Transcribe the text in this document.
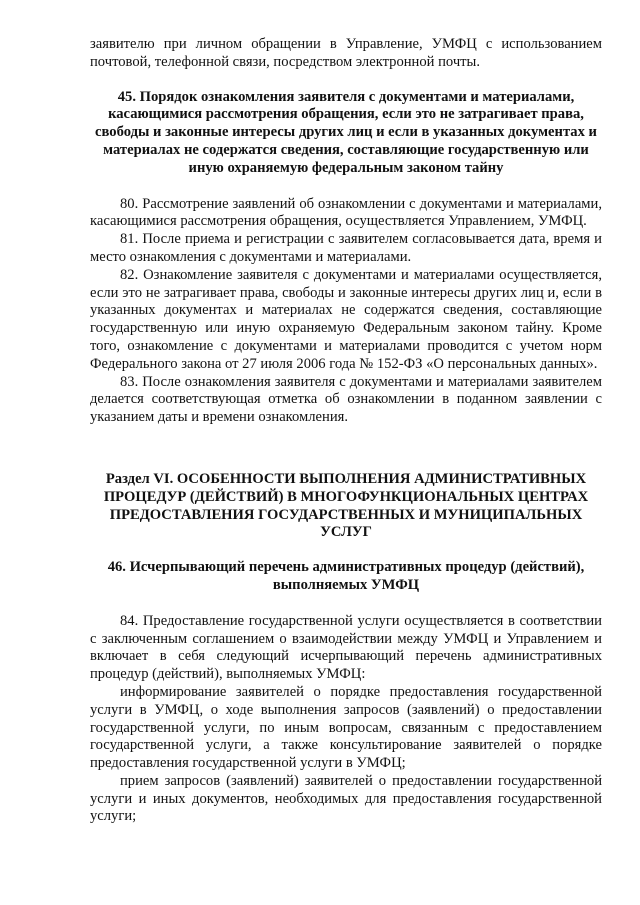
заявителю при личном обращении в Управление, УМФЦ с использованием почтовой, телефонной связи, посредством электронной почты.

45. Порядок ознакомления заявителя с документами и материалами, касающимися рассмотрения обращения, если это не затрагивает права, свободы и законные интересы других лиц и если в указанных документах и материалах не содержатся сведения, составляющие государственную или иную охраняемую федеральным законом тайну

80. Рассмотрение заявлений об ознакомлении с документами и материалами, касающимися рассмотрения обращения, осуществляется Управлением, УМФЦ.

81. После приема и регистрации с заявителем согласовывается дата, время и место ознакомления с документами и материалами.

82. Ознакомление заявителя с документами и материалами осуществляется, если это не затрагивает права, свободы и законные интересы других лиц и, если в указанных документах и материалах не содержатся сведения, составляющие государственную или иную охраняемую Федеральным законом тайну. Кроме того, ознакомление с документами и материалами проводится с учетом норм Федерального закона от 27 июля 2006 года № 152-ФЗ «О персональных данных».

83. После ознакомления заявителя с документами и материалами заявителем делается соответствующая отметка об ознакомлении в поданном заявлении с указанием даты и времени ознакомления.

Раздел VI. ОСОБЕННОСТИ ВЫПОЛНЕНИЯ АДМИНИСТРАТИВНЫХ ПРОЦЕДУР (ДЕЙСТВИЙ) В МНОГОФУНКЦИОНАЛЬНЫХ ЦЕНТРАХ ПРЕДОСТАВЛЕНИЯ ГОСУДАРСТВЕННЫХ И МУНИЦИПАЛЬНЫХ УСЛУГ
46. Исчерпывающий перечень административных процедур (действий), выполняемых УМФЦ

84. Предоставление государственной услуги осуществляется в соответствии с заключенным соглашением о взаимодействии между УМФЦ и Управлением и включает в себя следующий исчерпывающий перечень административных процедур (действий), выполняемых УМФЦ:

информирование заявителей о порядке предоставления государственной услуги в УМФЦ, о ходе выполнения запросов (заявлений) о предоставлении государственной услуги, по иным вопросам, связанным с предоставлением государственной услуги, а также консультирование заявителей о порядке предоставления государственной услуги в УМФЦ;

прием запросов (заявлений) заявителей о предоставлении государственной услуги и иных документов, необходимых для предоставления государственной услуги;
